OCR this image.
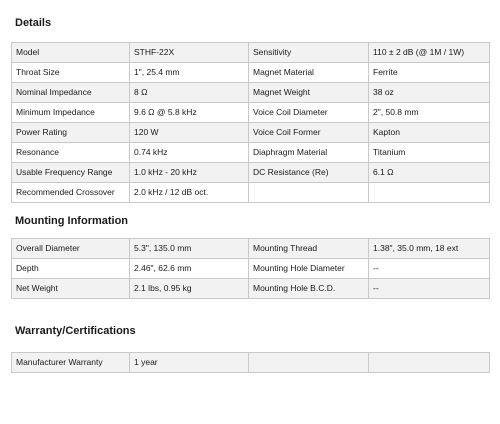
Details
Model	STHF-22X	Sensitivity	110 ± 2 dB (@ 1M / 1W)
Throat Size	1", 25.4 mm	Magnet Material	Ferrite
Nominal Impedance	8 Ω	Magnet Weight	38 oz
Minimum Impedance	9.6 Ω @ 5.8 kHz	Voice Coil Diameter	2", 50.8 mm
Power Rating	120 W	Voice Coil Former	Kapton
Resonance	0.74 kHz	Diaphragm Material	Titanium
Usable Frequency Range	1.0 kHz - 20 kHz	DC Resistance (Re)	6.1 Ω
Recommended Crossover	2.0 kHz / 12 dB oct.		
Mounting Information
Overall Diameter	5.3", 135.0 mm	Mounting Thread	1.38", 35.0 mm, 18 ext
Depth	2.46", 62.6 mm	Mounting Hole Diameter	--
Net Weight	2.1 lbs, 0.95 kg	Mounting Hole B.C.D.	--
Warranty/Certifications
Manufacturer Warranty	1 year		
